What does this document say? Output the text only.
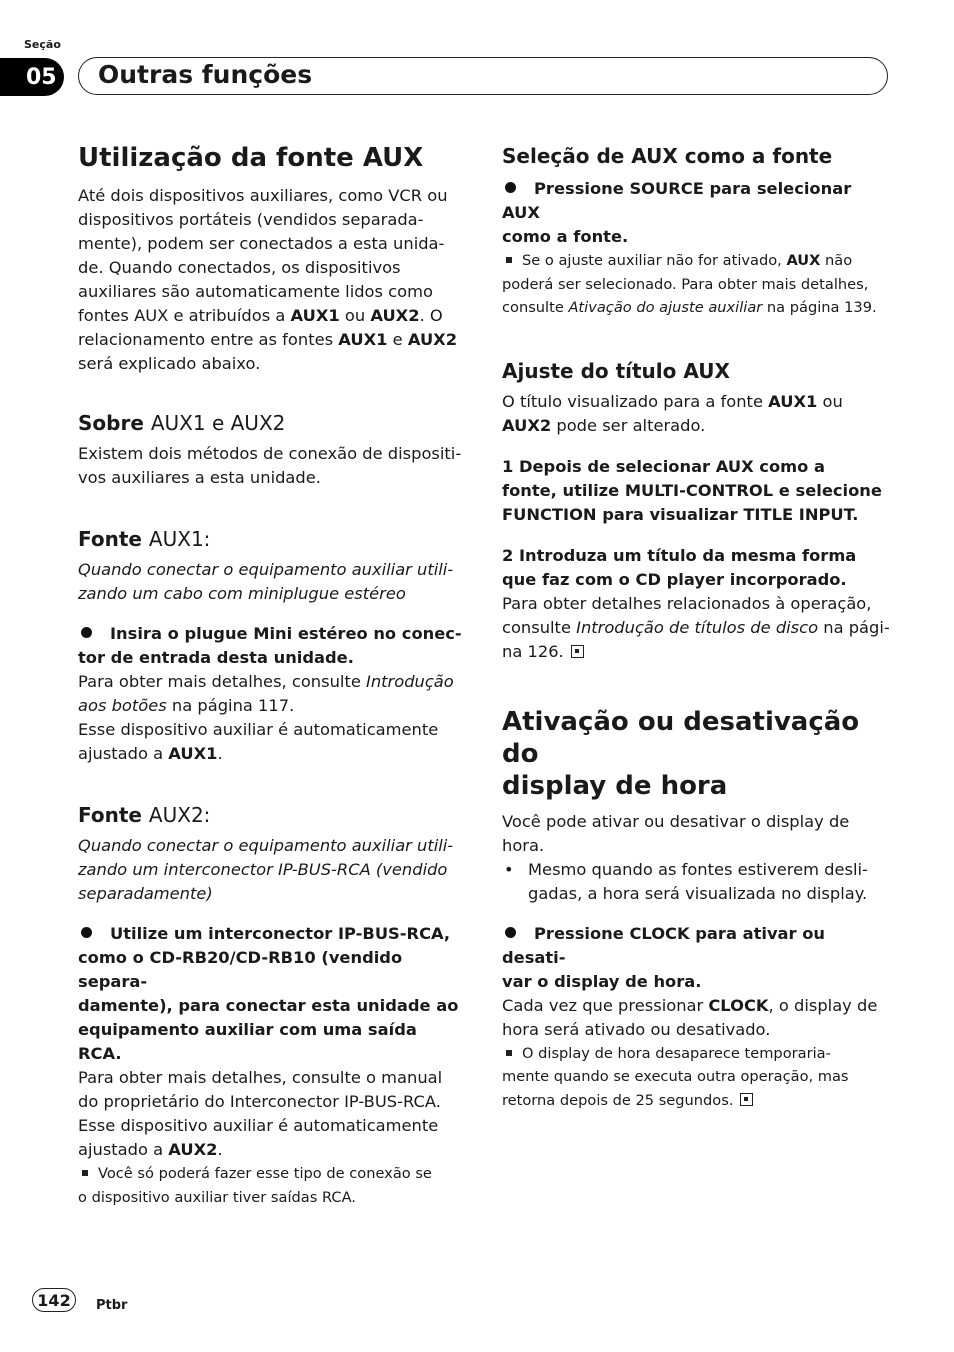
Seção
05 Outras funções
Utilização da fonte AUX

Até dois dispositivos auxiliares, como VCR ou

dispositivos portáteis (vendidos separada-

mente), podem ser conectados a esta unida-

de. Quando conectados, os dispositivos

auxiliares são automaticamente lidos como

fontes AUX e atribuídos a AUX1 ou AUX2. O

relacionamento entre as fontes AUX1 e AUX2

será explicado abaixo.

Sobre AUX1 e AUX2

Existem dois métodos de conexão de dispositi-

vos auxiliares a esta unidade.

Fonte AUX1:

Quando conectar o equipamento auxiliar utili-

zando um cabo com miniplugue estéreo

Insira o plugue Mini estéreo no conec-

tor de entrada desta unidade.

Para obter mais detalhes, consulte Introdução

aos botões na página 117.

Esse dispositivo auxiliar é automaticamente

ajustado a AUX1.

Fonte AUX2:

Quando conectar o equipamento auxiliar utili-

zando um interconector IP-BUS-RCA (vendido

separadamente)

Utilize um interconector IP-BUS-RCA,

como o CD-RB20/CD-RB10 (vendido separa-

damente), para conectar esta unidade ao

equipamento auxiliar com uma saída RCA.

Para obter mais detalhes, consulte o manual

do proprietário do Interconector IP-BUS-RCA.

Esse dispositivo auxiliar é automaticamente

ajustado a AUX2.

Você só poderá fazer esse tipo de conexão se

o dispositivo auxiliar tiver saídas RCA.

Seleção de AUX como a fonte

Pressione SOURCE para selecionar AUX

como a fonte.

Se o ajuste auxiliar não for ativado, AUX não

poderá ser selecionado. Para obter mais detalhes,

consulte Ativação do ajuste auxiliar na página 139.

Ajuste do título AUX

O título visualizado para a fonte AUX1 ou

AUX2 pode ser alterado.

1 Depois de selecionar AUX como a

fonte, utilize MULTI-CONTROL e selecione

FUNCTION para visualizar TITLE INPUT.

2 Introduza um título da mesma forma

que faz com o CD player incorporado.

Para obter detalhes relacionados à operação,

consulte Introdução de títulos de disco na pági-

na 126.

Ativação ou desativação do
display de hora

Você pode ativar ou desativar o display de

hora.

• Mesmo quando as fontes estiverem desli-

gadas, a hora será visualizada no display.

Pressione CLOCK para ativar ou desati-

var o display de hora.

Cada vez que pressionar CLOCK, o display de

hora será ativado ou desativado.

O display de hora desaparece temporaria-

mente quando se executa outra operação, mas

retorna depois de 25 segundos.

142	Ptbr
